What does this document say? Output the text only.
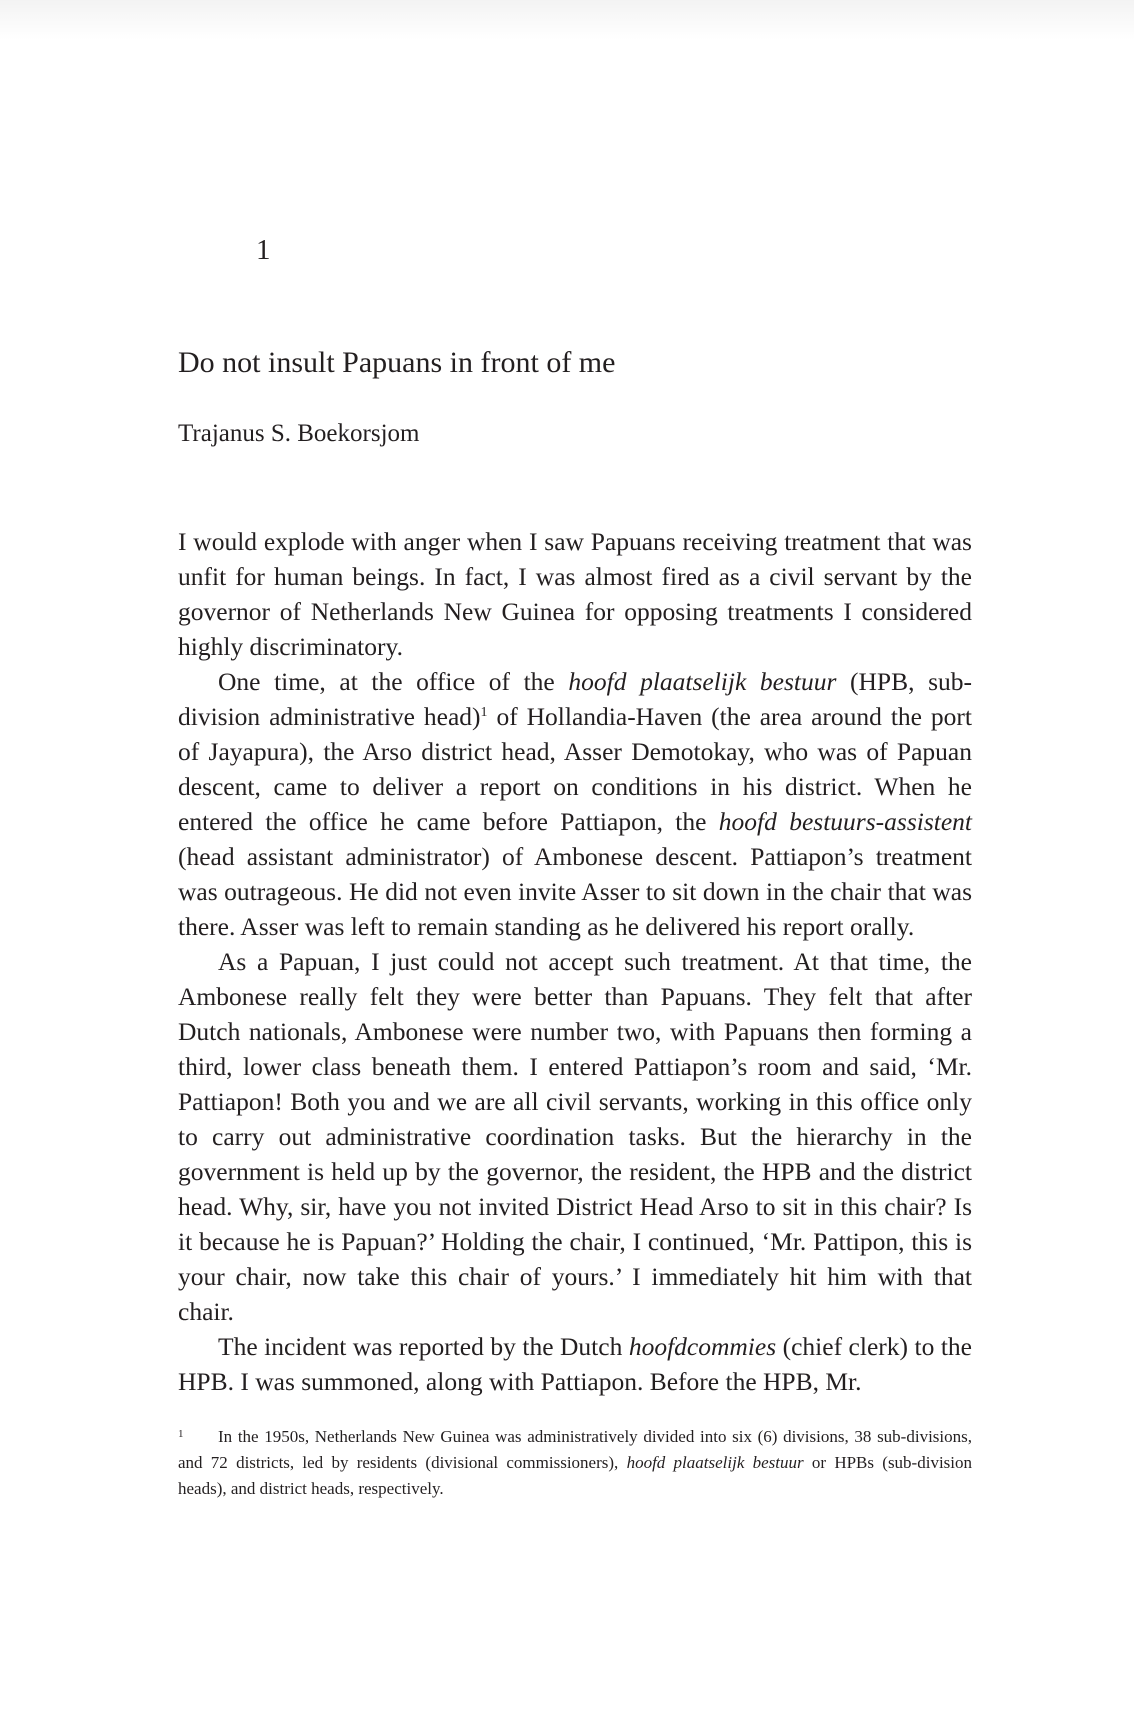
1
Do not insult Papuans in front of me
Trajanus S. Boekorsjom

I would explode with anger when I saw Papuans receiving treatment that was unfit for human beings. In fact, I was almost fired as a civil servant by the governor of Netherlands New Guinea for opposing treatments I considered highly discriminatory.

One time, at the office of the hoofd plaatselijk bestuur (HPB, sub-division administrative head)$^1$ of Hollandia-Haven (the area around the port of Jayapura), the Arso district head, Asser Demotokay, who was of Papuan descent, came to deliver a report on conditions in his district. When he entered the office he came before Pattiapon, the hoofd bestuurs-assistent (head assistant administrator) of Ambonese descent. Pattiapon’s treatment was outrageous. He did not even invite Asser to sit down in the chair that was there. Asser was left to remain standing as he delivered his report orally.

As a Papuan, I just could not accept such treatment. At that time, the Ambonese really felt they were better than Papuans. They felt that after Dutch nationals, Ambonese were number two, with Papuans then forming a third, lower class beneath them. I entered Pattiapon’s room and said, ‘Mr. Pattiapon! Both you and we are all civil servants, working in this office only to carry out administrative coordination tasks. But the hierarchy in the government is held up by the governor, the resident, the HPB and the district head. Why, sir, have you not invited District Head Arso to sit in this chair? Is it because he is Papuan?’ Holding the chair, I continued, ‘Mr. Pattipon, this is your chair, now take this chair of yours.’ I immediately hit him with that chair.

The incident was reported by the Dutch hoofdcommies (chief clerk) to the HPB. I was summoned, along with Pattiapon. Before the HPB, Mr.

1 In the 1950s, Netherlands New Guinea was administratively divided into six (6) divisions, 38 sub-divisions, and 72 districts, led by residents (divisional commissioners), hoofd plaatselijk bestuur or HPBs (sub-division heads), and district heads, respectively.
